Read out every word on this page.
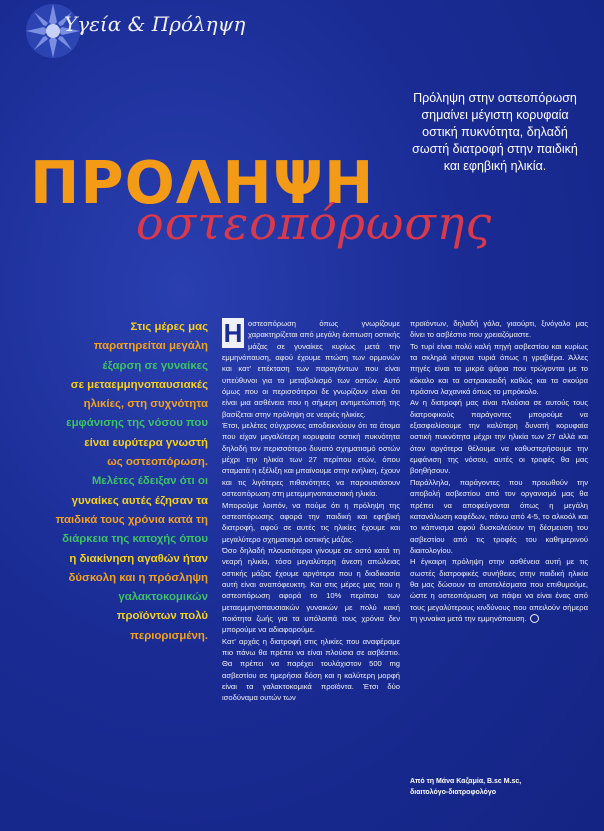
Υγεία & Πρόληψη
Πρόληψη στην οστεοπόρωση σημαίνει μέγιστη κορυφαία οστική πυκνότητα, δηλαδή σωστή διατροφή στην παιδική και εφηβική ηλικία.
ΠΡΟΛΗΨΗ
οστεοπόρωσης
Στις μέρες μας
παρατηρείται μεγάλη
έξαρση σε γυναίκες
σε μεταεμμηνοπαυσιακές
ηλικίες, στη συχνότητα
εμφάνισης της νόσου που
είναι ευρύτερα γνωστή
ως οστεοπόρωση.
Μελέτες έδειξαν ότι οι
γυναίκες αυτές έζησαν τα
παιδικά τους χρόνια κατά τη
διάρκεια της κατοχής όπου
η διακίνηση αγαθών ήταν
δύσκολη και η πρόσληψη
γαλακτοκομικών
προϊόντων πολύ
περιορισμένη.

Η οστεοπόρωση όπως γνωρίζουμε χαρακτηρίζεται από μεγάλη έκπτωση οστικής μάζας σε γυναίκες κυρίως μετά την εμμηνόπαυση, αφού έχουμε πτώση των ορμονών και κατ' επέκταση των παραγόντων που είναι υπεύθυνοι για το μεταβολισμό των οστών. Αυτό όμως που οι περισσότεροι δε γνωρίζουν είναι ότι είναι μια ασθένεια που η σήμερη αντιμετώπισή της βασίζεται στην πρόληψη σε νεαρές ηλικίες.

Έτσι, μελέτες σύγχρονες αποδεικνύουν ότι τα άτομα που είχαν μεγαλύτερη κορυφαία οστική πυκνότητα δηλαδή τον περισσότερο δυνατό σχηματισμό οστών μέχρι την ηλικία των 27 περίπου ετών, όπου σταματά η εξέλιξη και μπαίνουμε στην ενήλικη, έχουν και τις λιγότερες πιθανότητες να παρουσιάσουν οστεοπόρωση στη μετεμμηνοπαυσιακή ηλικία.

Μπορούμε λοιπόν, να πούμε ότι η πρόληψη της οστεοπόρωσης αφορά την παιδική και εφηβική διατροφή, αφού σε αυτές τις ηλικίες έχουμε και μεγαλύτερο σχηματισμό οστικής μάζας.

Όσο δηλαδή πλουσιότεροι γίνουμε σε οστό κατά τη νεαρή ηλικία, τόσο μεγαλύτερη άνεση απώλειας οστικής μάζας έχουμε αργότερα που η διαδικασία αυτή είναι αναπόφευκτη. Και στις μέρες μας που η οστεοπόρωση αφορά το 10% περίπου των μεταεμμηνοπαυσιακών γυναικών με πολύ κακή ποιότητα ζωής για τα υπόλοιπά τους χρόνια δεν μπορούμε να αδιαφορούμε.

Κατ' αρχάς η διατροφή στις ηλικίες που αναφέραμε πιο πάνω θα πρέπει να είναι πλούσια σε ασβέστιο. Θα πρέπει να παρέχει τουλάχιστον 500 mg ασβεστίου σε ημερήσια δόση και η καλύτερη μορφή είναι τα γαλακτοκομικά προϊόντα. Έτσι δύο ισοδύναμα ουτών των

προϊόντων, δηλαδή γάλα, γιαούρτι, ξινόγαλο μας δίνει το ασβέστιο που χρειαζόμαστε.

Το τυρί είναι πολύ καλή πηγή ασβεστίου και κυρίως τα σκληρά κίτρινα τυριά όπως η γραβιέρα. Άλλες πηγές είναι τα μικρά ψάρια που τρώγονται με το κόκαλο και τα οστρακοειδή καθώς και τα σκούρα πράσινα λαχανικά όπως το μπρόκολο.

Αν η διατροφή μας είναι πλούσια σε αυτούς τους διατροφικούς παράγοντες μπορούμε να εξασφαλίσουμε την καλύτερη δυνατή κορυφαία οστική πυκνότητα μέχρι την ηλικία των 27 αλλά και όταν αργότερα θέλουμε να καθυστερήσουμε την εμφάνιση της νόσου, αυτές οι τροφές θα μας βοηθήσουν.

Παράλληλα, παράγοντες που προωθούν την αποβολή ασβεστίου από τον οργανισμό μας θα πρέπει να αποφεύγονται όπως η μεγάλη κατανάλωση καφέδων, πάνω από 4-5, το αλκοόλ και το κάπνισμα αφού δυσκολεύουν τη δέσμευση του ασβεστίου από τις τροφές του καθημερινού διαιτολογίου.

Η έγκαιρη πρόληψη στην ασθένεια αυτή με τις σωστές διατροφικές συνήθειες στην παιδική ηλικία θα μας δώσουν τα αποτελέσματα που επιθυμούμε, ώστε η οστεοπόρωση να πάψει να είναι ένας από τους μεγαλύτερους κινδύνους που απειλούν σήμερα τη γυναίκα μετά την εμμηνόπαυση.

Από τη Μάνα Καζαμία, B.sc M.sc,
διαιτολόγο-διατροφολόγο
